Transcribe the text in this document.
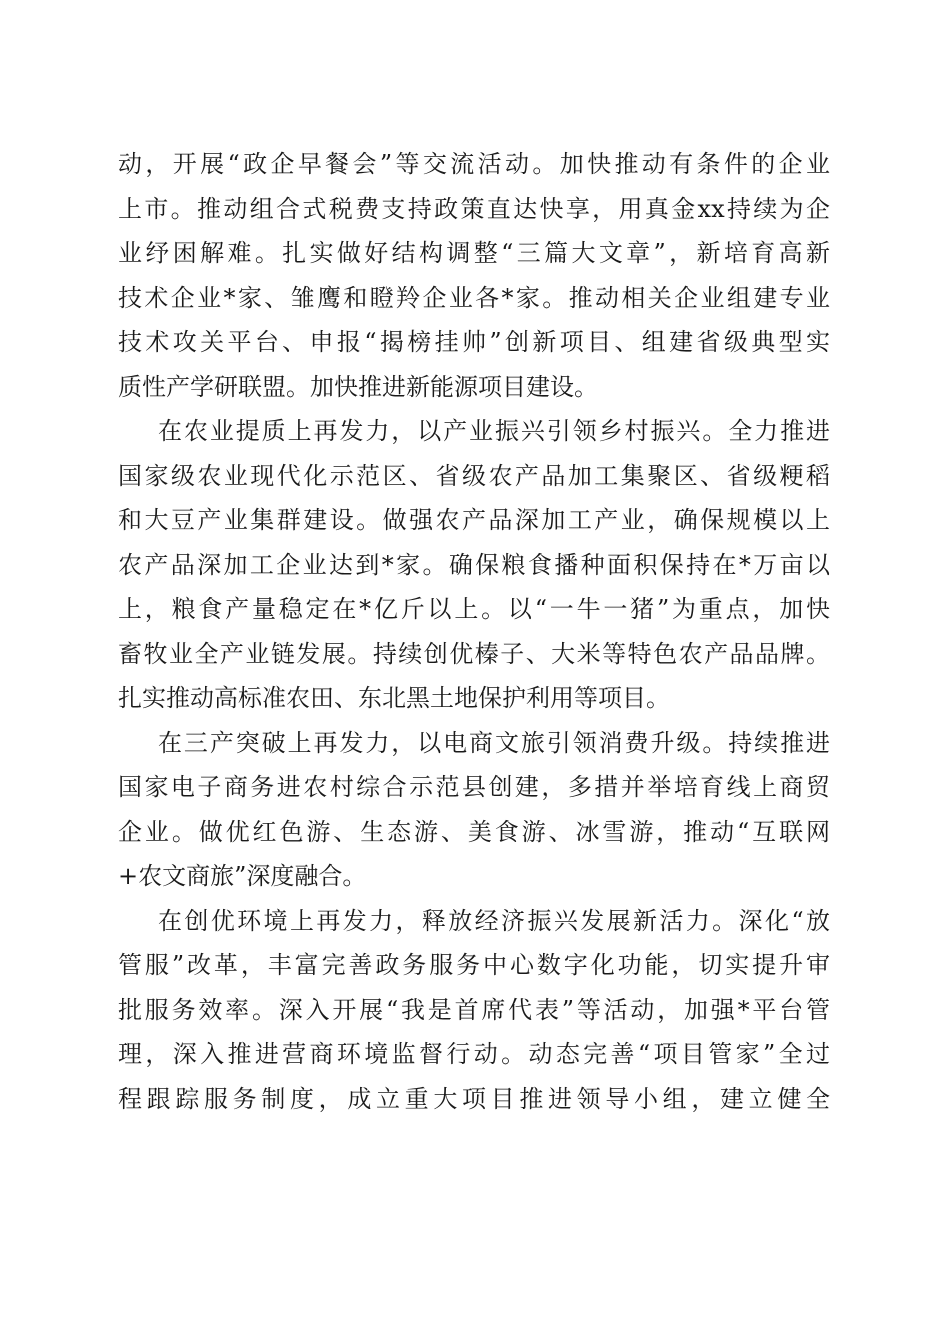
动，开展“政企早餐会”等交流活动。加快推动有条件的企业
上市。推动组合式税费支持政策直达快享，用真金xx持续为企
业纾困解难。扎实做好结构调整“三篇大文章”，新培育高新
技术企业*家、雏鹰和瞪羚企业各*家。推动相关企业组建专业
技术攻关平台、申报“揭榜挂帅”创新项目、组建省级典型实
质性产学研联盟。加快推进新能源项目建设。
在农业提质上再发力，以产业振兴引领乡村振兴。全力推进
国家级农业现代化示范区、省级农产品加工集聚区、省级粳稻
和大豆产业集群建设。做强农产品深加工产业，确保规模以上
农产品深加工企业达到*家。确保粮食播种面积保持在*万亩以
上，粮食产量稳定在*亿斤以上。以“一牛一猪”为重点，加快
畜牧业全产业链发展。持续创优榛子、大米等特色农产品品牌。
扎实推动高标准农田、东北黑土地保护利用等项目。
在三产突破上再发力，以电商文旅引领消费升级。持续推进
国家电子商务进农村综合示范县创建，多措并举培育线上商贸
企业。做优红色游、生态游、美食游、冰雪游，推动“互联网
+农文商旅”深度融合。
在创优环境上再发力，释放经济振兴发展新活力。深化“放
管服”改革，丰富完善政务服务中心数字化功能，切实提升审
批服务效率。深入开展“我是首席代表”等活动，加强*平台管
理，深入推进营商环境监督行动。动态完善“项目管家”全过
程跟踪服务制度，成立重大项目推进领导小组，建立健全
